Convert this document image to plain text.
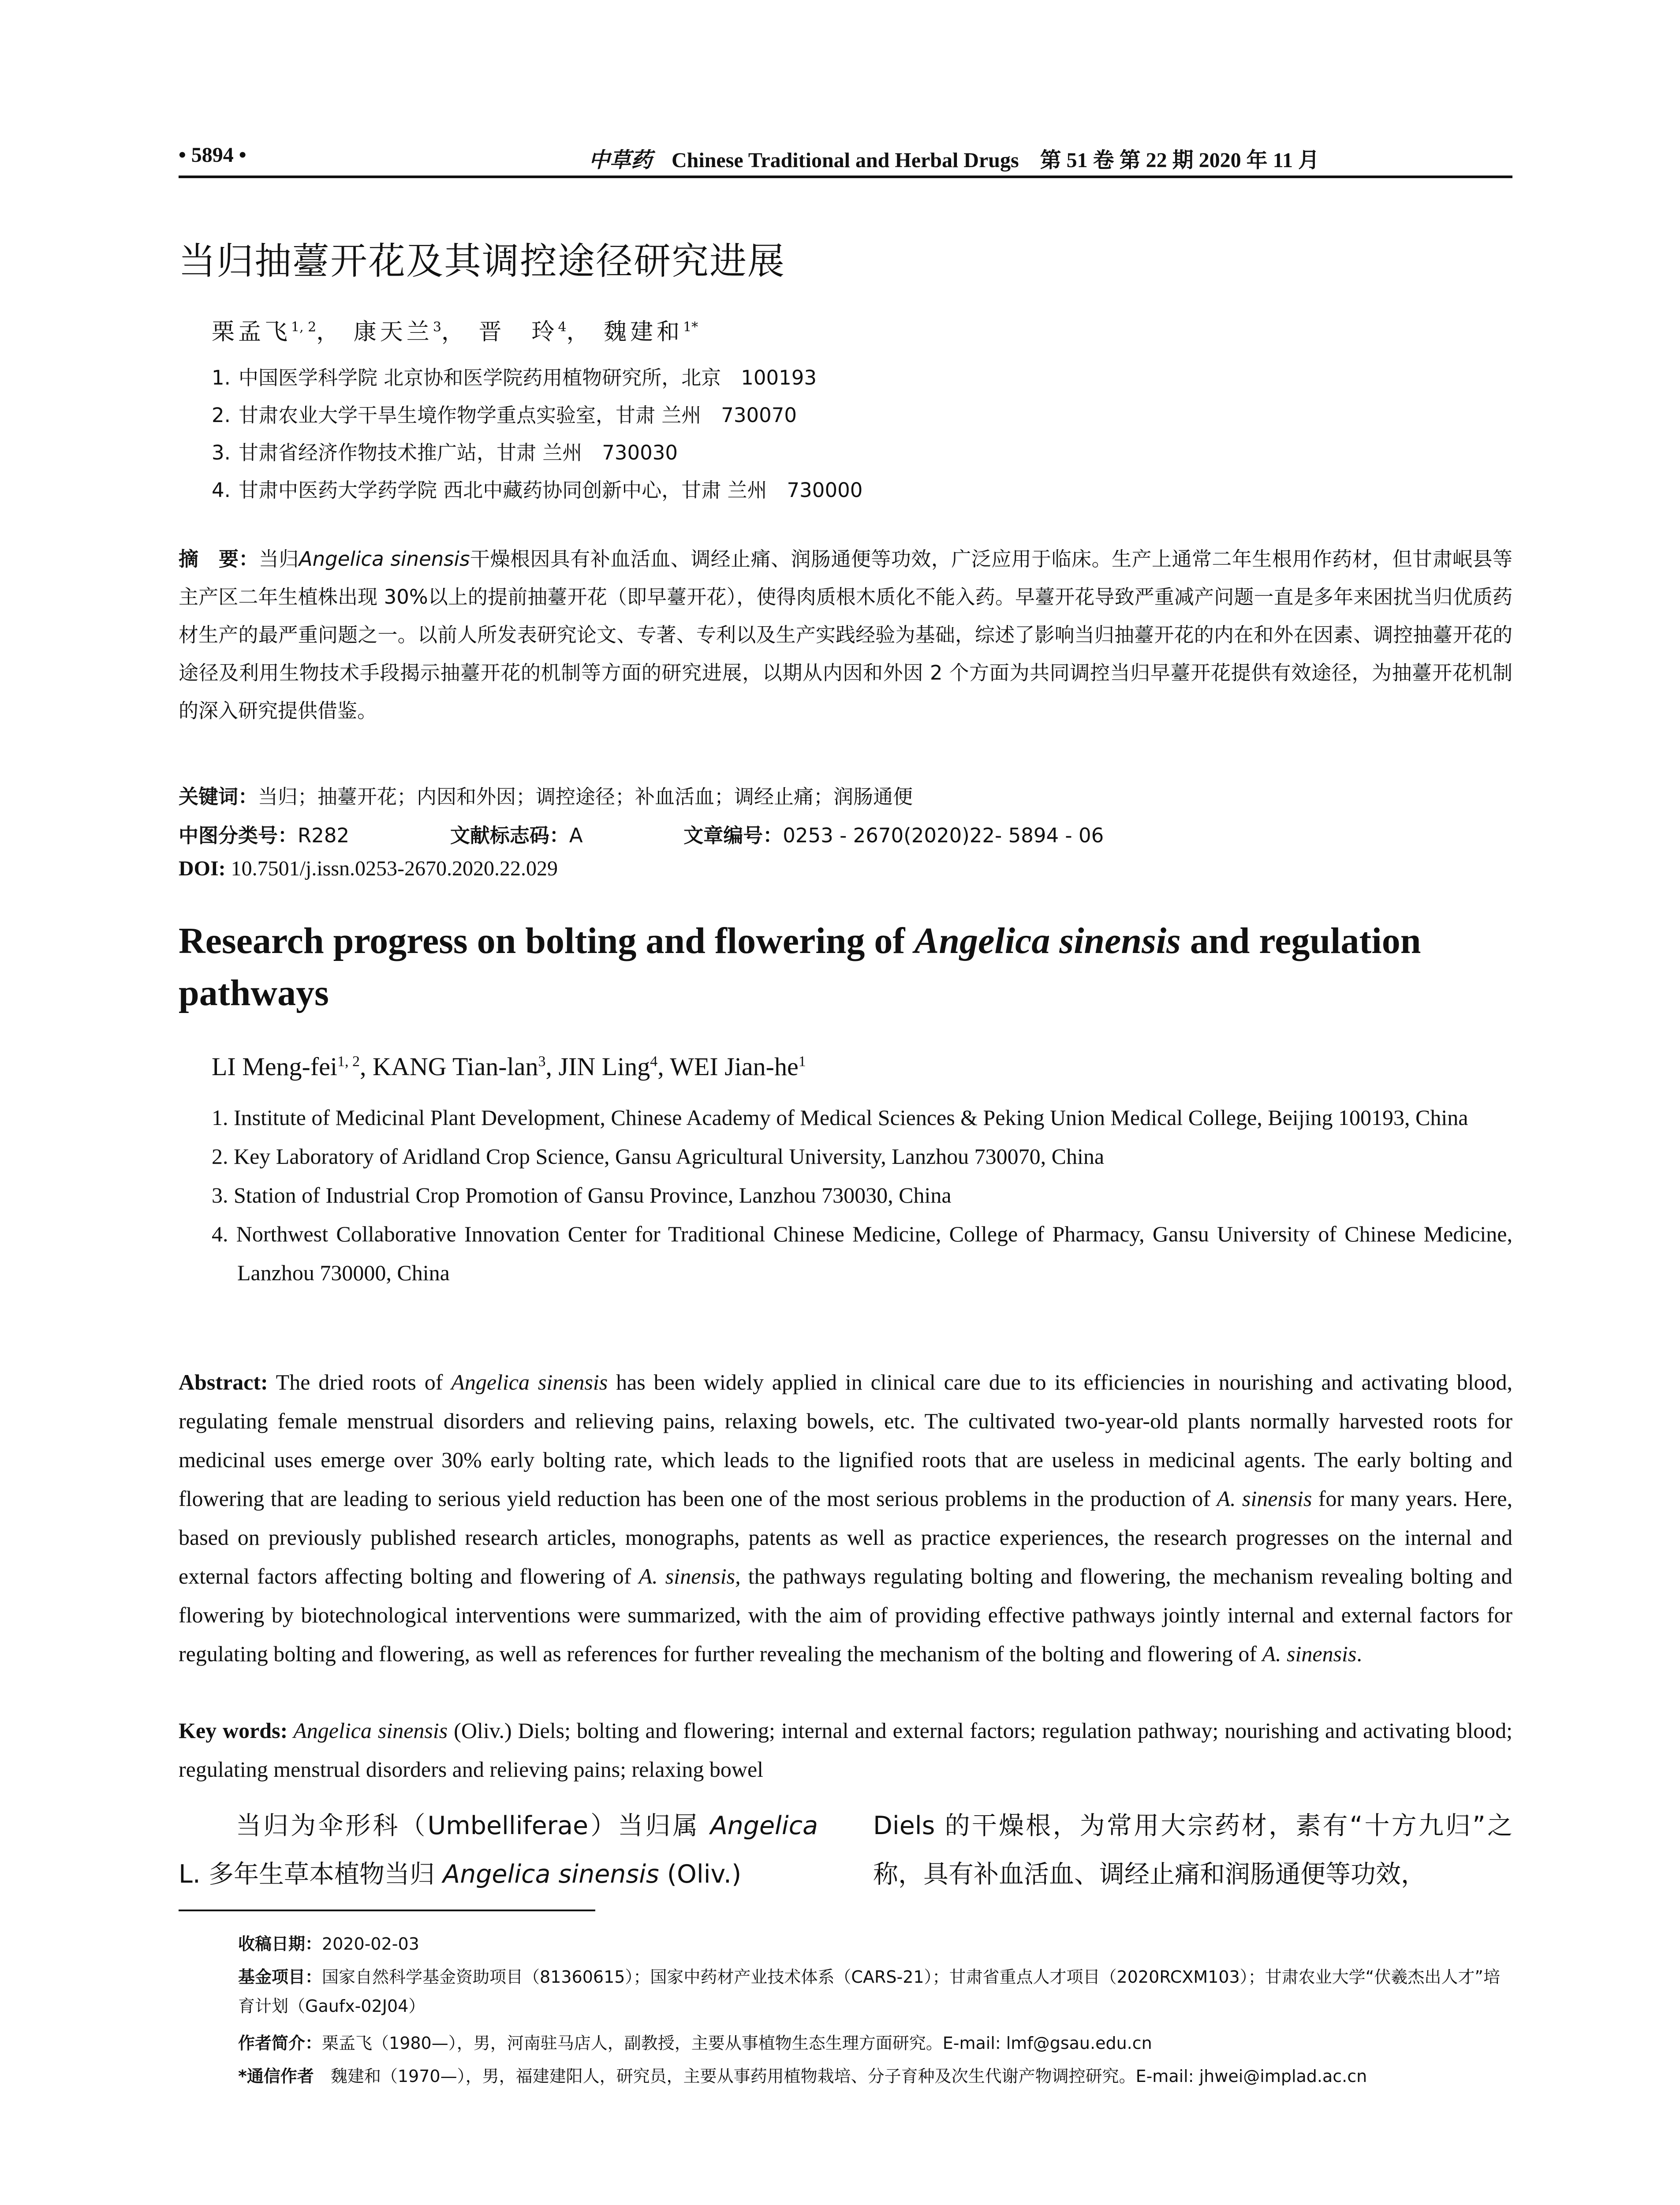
• 5894 •	中草药 Chinese Traditional and Herbal Drugs　第 51 卷 第 22 期 2020 年 11 月
当归抽薹开花及其调控途径研究进展
栗孟飞$^{1, 2}$， 康天兰$^3$， 晋　玲$^4$， 魏建和$^{1*}$
1. 中国医学科学院 北京协和医学院药用植物研究所，北京　100193
2. 甘肃农业大学干旱生境作物学重点实验室，甘肃 兰州　730070
3. 甘肃省经济作物技术推广站，甘肃 兰州　730030
4. 甘肃中医药大学药学院 西北中藏药协同创新中心，甘肃 兰州　730000
摘　要：当归Angelica sinensis干燥根因具有补血活血、调经止痛、润肠通便等功效，广泛应用于临床。生产上通常二年生根用作药材，但甘肃岷县等主产区二年生植株出现 30%以上的提前抽薹开花（即早薹开花），使得肉质根木质化不能入药。早薹开花导致严重减产问题一直是多年来困扰当归优质药材生产的最严重问题之一。以前人所发表研究论文、专著、专利以及生产实践经验为基础，综述了影响当归抽薹开花的内在和外在因素、调控抽薹开花的途径及利用生物技术手段揭示抽薹开花的机制等方面的研究进展，以期从内因和外因 2 个方面为共同调控当归早薹开花提供有效途径，为抽薹开花机制的深入研究提供借鉴。
关键词：当归；抽薹开花；内因和外因；调控途径；补血活血；调经止痛；润肠通便
中图分类号：R282	文献标志码：A	文章编号：0253 - 2670(2020)22- 5894 - 06
DOI: 10.7501/j.issn.0253-2670.2020.22.029
Research progress on bolting and flowering of Angelica sinensis and regulation pathways
LI Meng-fei$^{1, 2}$, KANG Tian-lan$^3$, JIN Ling$^4$, WEI Jian-$he^1$
1. Institute of Medicinal Plant Development, Chinese Academy of Medical Sciences & Peking Union Medical College, Beijing 100193, China
2. Key Laboratory of Aridland Crop Science, Gansu Agricultural University, Lanzhou 730070, China
3. Station of Industrial Crop Promotion of Gansu Province, Lanzhou 730030, China
4. Northwest Collaborative Innovation Center for Traditional Chinese Medicine, College of Pharmacy, Gansu University of Chinese Medicine, Lanzhou 730000, China
Abstract: The dried roots of Angelica sinensis has been widely applied in clinical care due to its efficiencies in nourishing and activating blood, regulating female menstrual disorders and relieving pains, relaxing bowels, etc. The cultivated two-year-old plants normally harvested roots for medicinal uses emerge over 30% early bolting rate, which leads to the lignified roots that are useless in medicinal agents. The early bolting and flowering that are leading to serious yield reduction has been one of the most serious problems in the production of A. sinensis for many years. Here, based on previously published research articles, monographs, patents as well as practice experiences, the research progresses on the internal and external factors affecting bolting and flowering of A. sinensis, the pathways regulating bolting and flowering, the mechanism revealing bolting and flowering by biotechnological interventions were summarized, with the aim of providing effective pathways jointly internal and external factors for regulating bolting and flowering, as well as references for further revealing the mechanism of the bolting and flowering of A. sinensis.
Key words: Angelica sinensis (Oliv.) Diels; bolting and flowering; internal and external factors; regulation pathway; nourishing and activating blood; regulating menstrual disorders and relieving pains; relaxing bowel
当归为伞形科（Umbelliferae）当归属 Angelica L. 多年生草本植物当归 Angelica sinensis (Oliv.)
Diels 的干燥根，为常用大宗药材，素有“十方九归”之称，具有补血活血、调经止痛和润肠通便等功效，
收稿日期：2020-02-03
基金项目：国家自然科学基金资助项目（81360615）；国家中药材产业技术体系（CARS-21）；甘肃省重点人才项目（2020RCXM103）；甘肃农业大学“伏羲杰出人才”培育计划（Gaufx-02J04）
作者简介：栗孟飞（1980—），男，河南驻马店人，副教授，主要从事植物生态生理方面研究。E-mail: lmf@gsau.edu.cn
*通信作者　魏建和（1970—），男，福建建阳人，研究员，主要从事药用植物栽培、分子育种及次生代谢产物调控研究。E-mail: jhwei@implad.ac.cn
